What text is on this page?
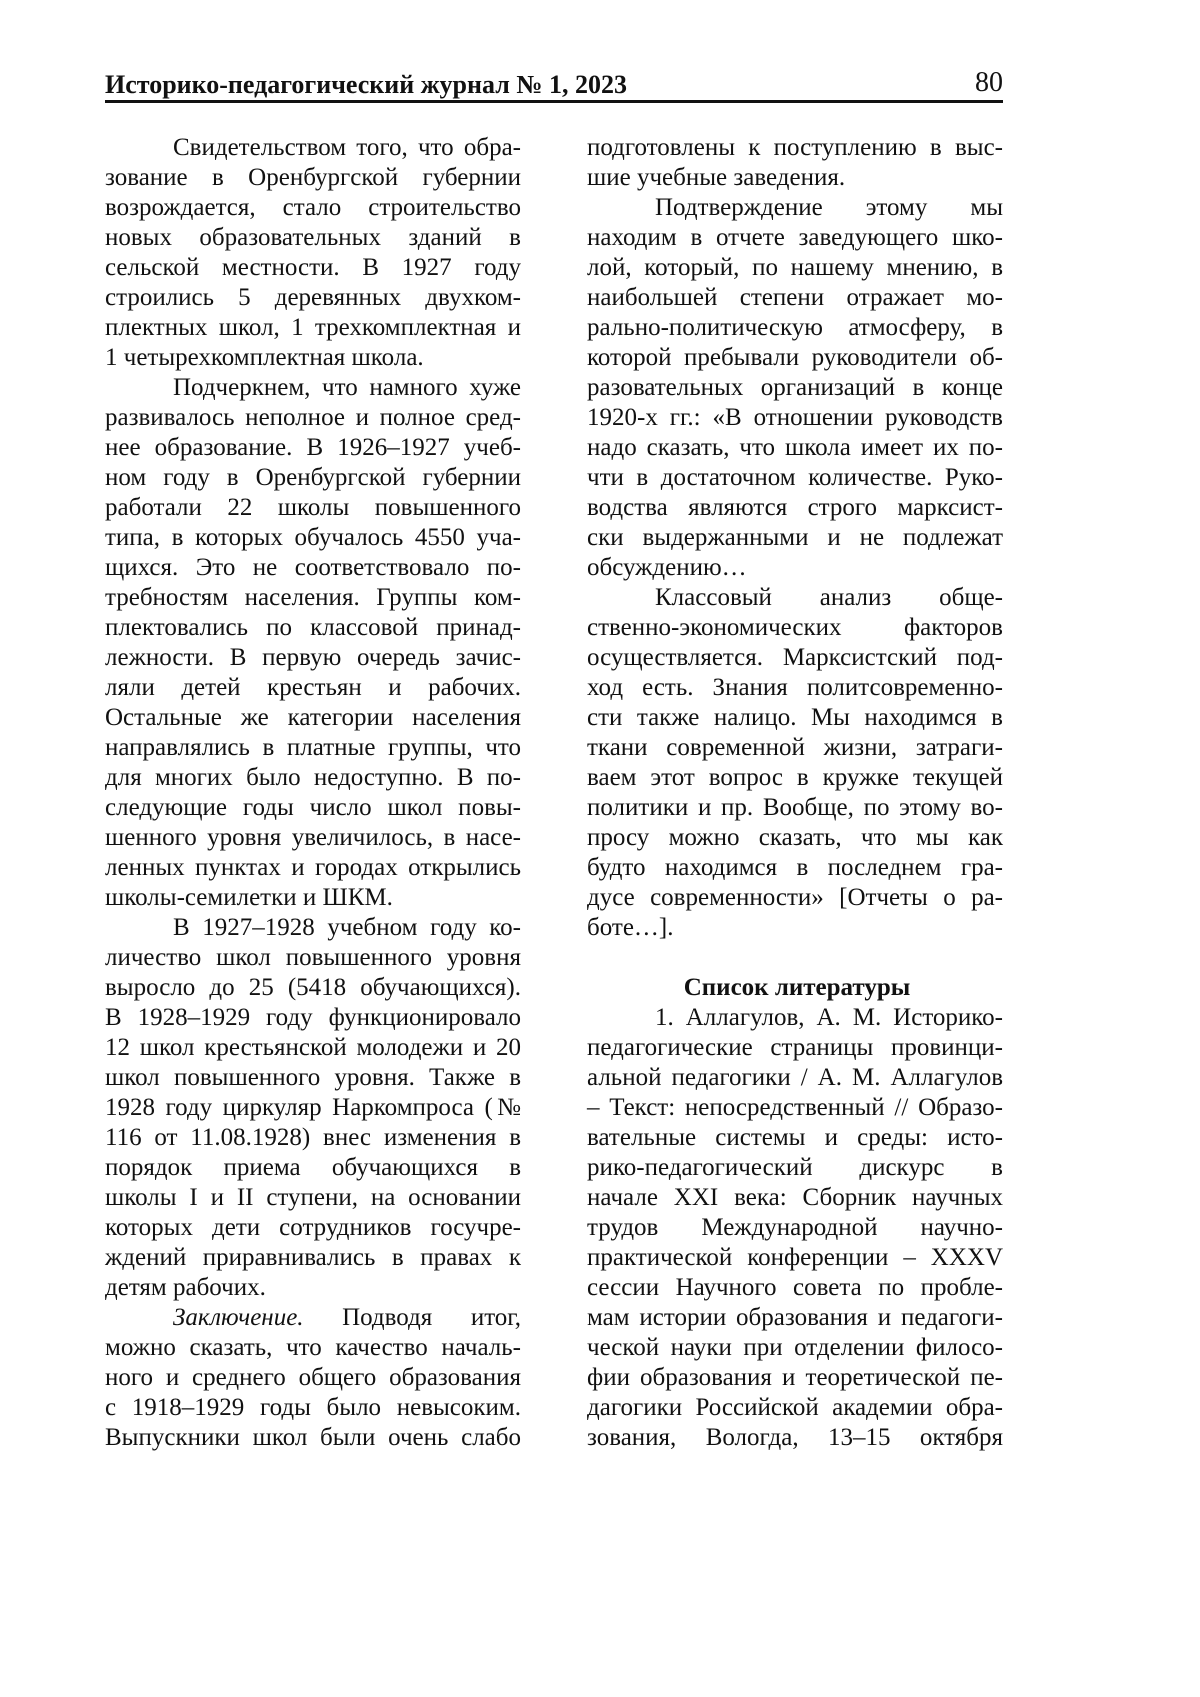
Историко-педагогический журнал № 1, 2023	80
Свидетельством того, что обра-
зование в Оренбургской губернии
возрождается, стало строительство
новых образовательных зданий в
сельской местности. В 1927 году
строились 5 деревянных двухком-
плектных школ, 1 трехкомплектная и
1 четырехкомплектная школа.
Подчеркнем, что намного хуже
развивалось неполное и полное сред-
нее образование. В 1926–1927 учеб-
ном году в Оренбургской губернии
работали 22 школы повышенного
типа, в которых обучалось 4550 уча-
щихся. Это не соответствовало по-
требностям населения. Группы ком-
плектовались по классовой принад-
лежности. В первую очередь зачис-
ляли детей крестьян и рабочих.
Остальные же категории населения
направлялись в платные группы, что
для многих было недоступно. В по-
следующие годы число школ повы-
шенного уровня увеличилось, в насе-
ленных пунктах и городах открылись
школы-семилетки и ШКМ.
В 1927–1928 учебном году ко-
личество школ повышенного уровня
выросло до 25 (5418 обучающихся).
В 1928–1929 году функционировало
12 школ крестьянской молодежи и 20
школ повышенного уровня. Также в
1928 году циркуляр Наркомпроса (№
116 от 11.08.1928) внес изменения в
порядок приема обучающихся в
школы I и II ступени, на основании
которых дети сотрудников госучре-
ждений приравнивались в правах к
детям рабочих.
Заключение. Подводя итог,
можно сказать, что качество началь-
ного и среднего общего образования
с 1918–1929 годы было невысоким.
Выпускники школ были очень слабо
подготовлены к поступлению в выс-
шие учебные заведения.
Подтверждение этому мы
находим в отчете заведующего шко-
лой, который, по нашему мнению, в
наибольшей степени отражает мо-
рально-политическую атмосферу, в
которой пребывали руководители об-
разовательных организаций в конце
1920-х гг.: «В отношении руководств
надо сказать, что школа имеет их по-
чти в достаточном количестве. Руко-
водства являются строго марксист-
ски выдержанными и не подлежат
обсуждению…
Классовый анализ обще-
ственно-экономических факторов
осуществляется. Марксистский под-
ход есть. Знания политсовременно-
сти также налицо. Мы находимся в
ткани современной жизни, затраги-
ваем этот вопрос в кружке текущей
политики и пр. Вообще, по этому во-
просу можно сказать, что мы как
будто находимся в последнем гра-
дусе современности» [Отчеты о ра-
боте…].
Список литературы
1. Аллагулов, А. М. Историко-
педагогические страницы провинци-
альной педагогики / А. М. Аллагулов
– Текст: непосредственный // Образо-
вательные системы и среды: исто-
рико-педагогический дискурс в
начале XXI века: Сборник научных
трудов Международной научно-
практической конференции – XXXV
сессии Научного совета по пробле-
мам истории образования и педагоги-
ческой науки при отделении филосо-
фии образования и теоретической пе-
дагогики Российской академии обра-
зования, Вологда, 13–15 октября
